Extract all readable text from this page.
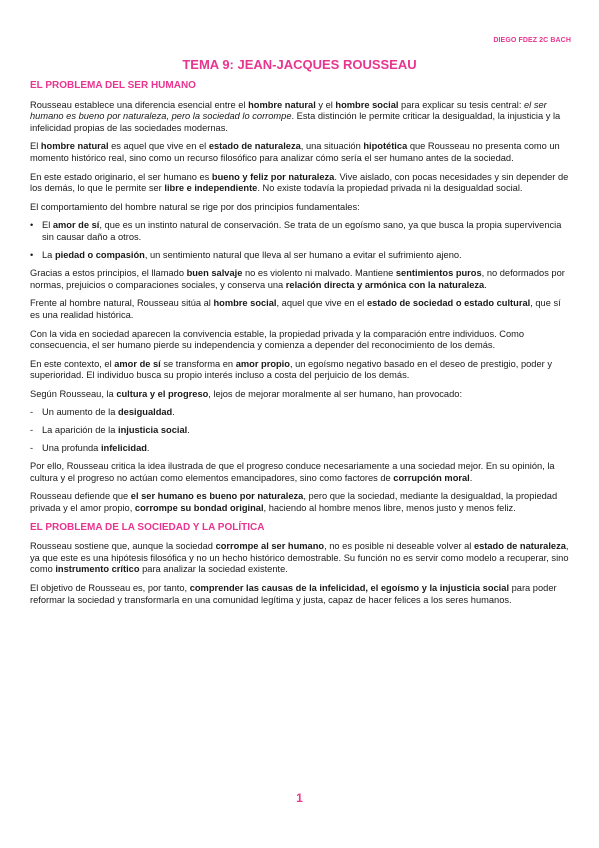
DIEGO FDEZ 2C BACH
TEMA 9: JEAN-JACQUES ROUSSEAU
EL PROBLEMA DEL SER HUMANO

Rousseau establece una diferencia esencial entre el hombre natural y el hombre social para explicar su tesis central: el ser humano es bueno por naturaleza, pero la sociedad lo corrompe. Esta distinción le permite criticar la desigualdad, la injusticia y la infelicidad propias de las sociedades modernas.

El hombre natural es aquel que vive en el estado de naturaleza, una situación hipotética que Rousseau no presenta como un momento histórico real, sino como un recurso filosófico para analizar cómo sería el ser humano antes de la sociedad.

En este estado originario, el ser humano es bueno y feliz por naturaleza. Vive aislado, con pocas necesidades y sin depender de los demás, lo que le permite ser libre e independiente. No existe todavía la propiedad privada ni la desigualdad social.

El comportamiento del hombre natural se rige por dos principios fundamentales:

• El amor de sí, que es un instinto natural de conservación. Se trata de un egoísmo sano, ya que busca la propia supervivencia sin causar daño a otros.
• La piedad o compasión, un sentimiento natural que lleva al ser humano a evitar el sufrimiento ajeno.

Gracias a estos principios, el llamado buen salvaje no es violento ni malvado. Mantiene sentimientos puros, no deformados por normas, prejuicios o comparaciones sociales, y conserva una relación directa y armónica con la naturaleza.

Frente al hombre natural, Rousseau sitúa al hombre social, aquel que vive en el estado de sociedad o estado cultural, que sí es una realidad histórica.

Con la vida en sociedad aparecen la convivencia estable, la propiedad privada y la comparación entre individuos. Como consecuencia, el ser humano pierde su independencia y comienza a depender del reconocimiento de los demás.

En este contexto, el amor de sí se transforma en amor propio, un egoísmo negativo basado en el deseo de prestigio, poder y superioridad. El individuo busca su propio interés incluso a costa del perjuicio de los demás.

Según Rousseau, la cultura y el progreso, lejos de mejorar moralmente al ser humano, han provocado:

- Un aumento de la desigualdad.
- La aparición de la injusticia social.
- Una profunda infelicidad.

Por ello, Rousseau critica la idea ilustrada de que el progreso conduce necesariamente a una sociedad mejor. En su opinión, la cultura y el progreso no actúan como elementos emancipadores, sino como factores de corrupción moral.

Rousseau defiende que el ser humano es bueno por naturaleza, pero que la sociedad, mediante la desigualdad, la propiedad privada y el amor propio, corrompe su bondad original, haciendo al hombre menos libre, menos justo y menos feliz.

EL PROBLEMA DE LA SOCIEDAD Y LA POLÍTICA

Rousseau sostiene que, aunque la sociedad corrompe al ser humano, no es posible ni deseable volver al estado de naturaleza, ya que este es una hipótesis filosófica y no un hecho histórico demostrable. Su función no es servir como modelo a recuperar, sino como instrumento crítico para analizar la sociedad existente.

El objetivo de Rousseau es, por tanto, comprender las causas de la infelicidad, el egoísmo y la injusticia social para poder reformar la sociedad y transformarla en una comunidad legítima y justa, capaz de hacer felices a los seres humanos.

1
